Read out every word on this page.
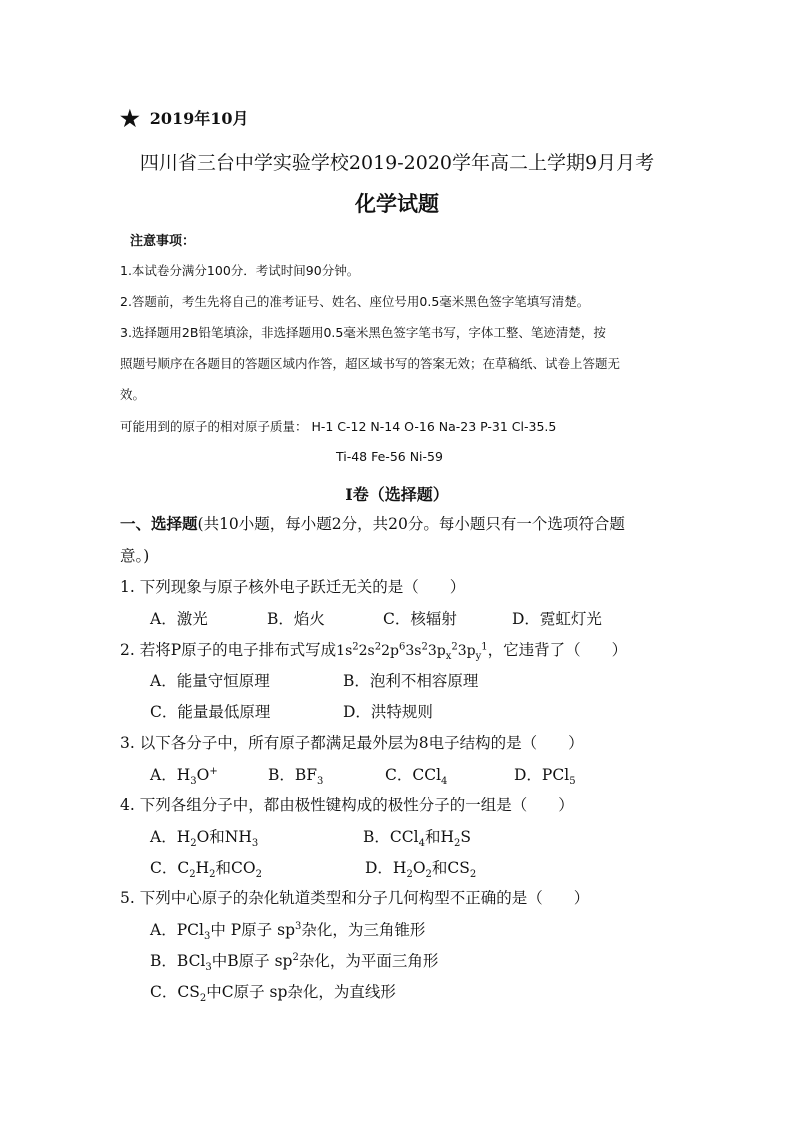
★ 2019年10月
四川省三台中学实验学校2019-2020学年高二上学期9月月考
化学试题
注意事项：
1.本试卷分满分100分．考试时间90分钟。
2.答题前，考生先将自己的准考证号、姓名、座位号用0.5毫米黑色签字笔填写清楚。
3.选择题用2B铅笔填涂，非选择题用0.5毫米黑色签字笔书写，字体工整、笔迹清楚，按
照题号顺序在各题目的答题区域内作答，超区域书写的答案无效；在草稿纸、试卷上答题无
效。
可能用到的原子的相对原子质量： H-1 C-12 N-14 O-16 Na-23 P-31 Cl-35.5
Ti-48 Fe-56 Ni-59
Ⅰ卷（选择题）
一、选择题(共10小题，每小题2分，共20分。每小题只有一个选项符合题
意。)
1. 下列现象与原子核外电子跃迁无关的是（　　）
A．激光	B．焰火	C．核辐射	D．霓虹灯光
2. 若将P原子的电子排布式写成$1s^22s^22p^63s^23p_x^23p_y^1$，它违背了（　　）
A．能量守恒原理	B．泡利不相容原理
C．能量最低原理	D．洪特规则
3. 以下各分子中，所有原子都满足最外层为8电子结构的是（　　）
A．$H_3O^+$	B．$BF_3$	C．CCl$_4$	D．PCl$_5$
4. 下列各组分子中，都由极性键构成的极性分子的一组是（　　）
A．$H_2O$和$NH_3$	B．CCl$_4$和$H_2S$
C．$C_2H_2$和$CO_2$	D．$H_2O_2$和$CS_2$
5. 下列中心原子的杂化轨道类型和分子几何构型不正确的是（　　）
A．PCl$_3$中 P原子 $sp^3$杂化，为三角锥形
B．BCl$_3$中B原子 $sp^2$杂化，为平面三角形
C．$CS_2$中C原子 sp杂化，为直线形
